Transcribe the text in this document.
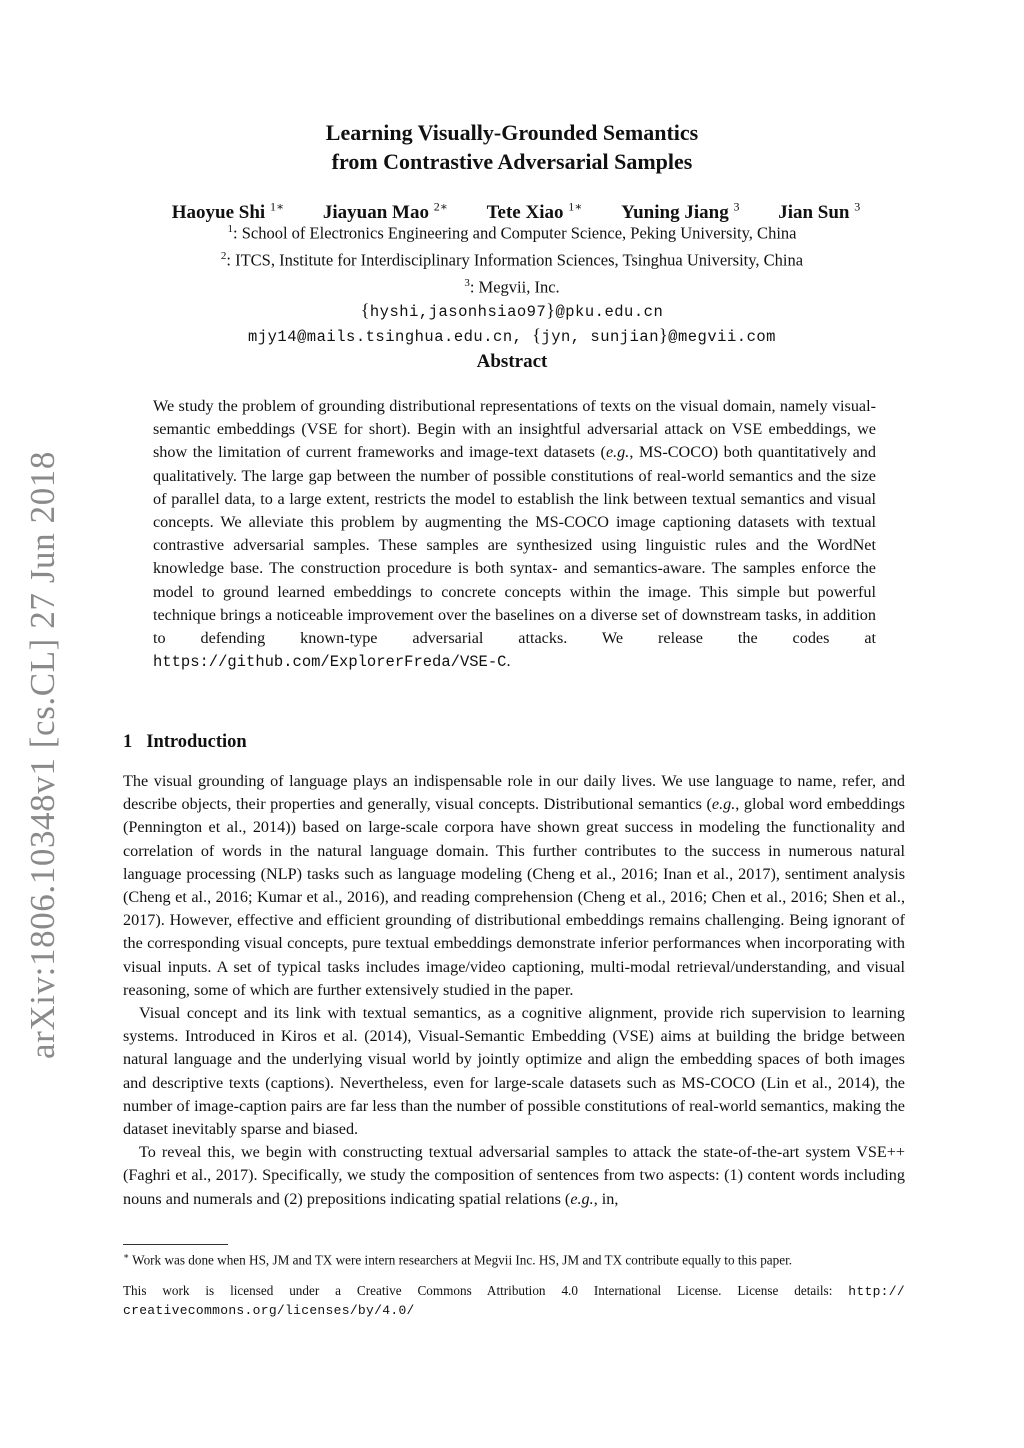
arXiv:1806.10348v1 [cs.CL] 27 Jun 2018
Learning Visually-Grounded Semantics
from Contrastive Adversarial Samples
Haoyue Shi $^{1∗}$ Jiayuan Mao $^{2∗}$ Tete Xiao $^{1∗}$ Yuning Jiang $^3$ Jian Sun $^3$
$^1$: School of Electronics Engineering and Computer Science, Peking University, China
$^2$: ITCS, Institute for Interdisciplinary Information Sciences, Tsinghua University, China
$^3$: Megvii, Inc.
{hyshi,jasonhsiao97}@pku.edu.cn
mjy14@mails.tsinghua.edu.cn, {jyn, sunjian}@megvii.com
Abstract

We study the problem of grounding distributional representations of texts on the visual domain, namely visual-semantic embeddings (VSE for short). Begin with an insightful adversarial attack on VSE embeddings, we show the limitation of current frameworks and image-text datasets (e.g., MS-COCO) both quantitatively and qualitatively. The large gap between the number of possible constitutions of real-world semantics and the size of parallel data, to a large extent, restricts the model to establish the link between textual semantics and visual concepts. We alleviate this problem by augmenting the MS-COCO image captioning datasets with textual contrastive adversarial samples. These samples are synthesized using linguistic rules and the WordNet knowledge base. The construction procedure is both syntax- and semantics-aware. The samples enforce the model to ground learned embeddings to concrete concepts within the image. This simple but powerful technique brings a noticeable improvement over the baselines on a diverse set of downstream tasks, in addition to defending known-type adversarial attacks. We release the codes at https://github.com/ExplorerFreda/VSE-C.

1 Introduction

The visual grounding of language plays an indispensable role in our daily lives. We use language to name, refer, and describe objects, their properties and generally, visual concepts. Distributional semantics (e.g., global word embeddings (Pennington et al., 2014)) based on large-scale corpora have shown great success in modeling the functionality and correlation of words in the natural language domain. This further contributes to the success in numerous natural language processing (NLP) tasks such as language modeling (Cheng et al., 2016; Inan et al., 2017), sentiment analysis (Cheng et al., 2016; Kumar et al., 2016), and reading comprehension (Cheng et al., 2016; Chen et al., 2016; Shen et al., 2017). However, effective and efficient grounding of distributional embeddings remains challenging. Being ignorant of the corresponding visual concepts, pure textual embeddings demonstrate inferior performances when incorporating with visual inputs. A set of typical tasks includes image/video captioning, multi-modal retrieval/understanding, and visual reasoning, some of which are further extensively studied in the paper.

Visual concept and its link with textual semantics, as a cognitive alignment, provide rich supervision to learning systems. Introduced in Kiros et al. (2014), Visual-Semantic Embedding (VSE) aims at building the bridge between natural language and the underlying visual world by jointly optimize and align the embedding spaces of both images and descriptive texts (captions). Nevertheless, even for large-scale datasets such as MS-COCO (Lin et al., 2014), the number of image-caption pairs are far less than the number of possible constitutions of real-world semantics, making the dataset inevitably sparse and biased.

To reveal this, we begin with constructing textual adversarial samples to attack the state-of-the-art system VSE++ (Faghri et al., 2017). Specifically, we study the composition of sentences from two aspects: (1) content words including nouns and numerals and (2) prepositions indicating spatial relations (e.g., in,

∗ Work was done when HS, JM and TX were intern researchers at Megvii Inc. HS, JM and TX contribute equally to this paper.

This work is licensed under a Creative Commons Attribution 4.0 International License. License details: http:// creativecommons.org/licenses/by/4.0/
